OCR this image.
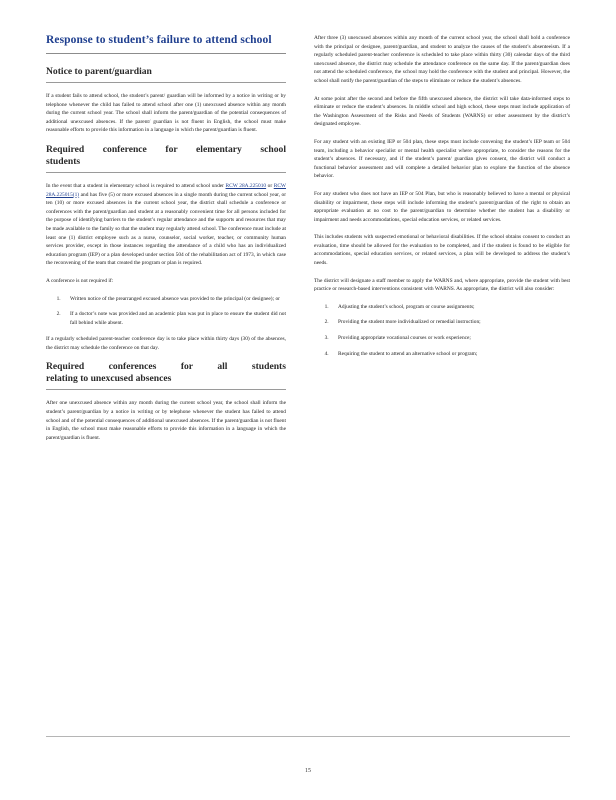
Response to student’s failure to attend school
Notice to parent/guardian

If a student fails to attend school, the student’s parent/ guardian will be informed by a notice in writing or by telephone whenever the child has failed to attend school after one (1) unexcused absence within any month during the current school year. The school shall inform the parent/guardian of the potential consequences of additional unexcused absences. If the parent/ guardian is not fluent in English, the school must make reasonable efforts to provide this information in a language in which the parent/guardian is fluent.

Required conference for elementary school
students

In the event that a student in elementary school is required to attend school under RCW 28A.225010 or RCW 28A.225015(1) and has five (5) or more excused absences in a single month during the current school year, or ten (10) or more excused absences in the current school year, the district shall schedule a conference or conferences with the parent/guardian and student at a reasonably convenient time for all persons included for the purpose of identifying barriers to the student’s regular attendance and the supports and resources that may be made available to the family so that the student may regularly attend school. The conference must include at least one (1) district employee such as a nurse, counselor, social worker, teacher, or community human services provider, except in those instances regarding the attendance of a child who has an individualized education program (IEP) or a plan developed under section 504 of the rehabilitation act of 1973, in which case the reconvening of the team that created the program or plan is required.

A conference is not required if:

1. Written notice of the prearranged excused absence was provided to the principal (or designee); or
2. If a doctor’s note was provided and an academic plan was put in place to ensure the student did not fall behind while absent.

If a regularly scheduled parent-teacher conference day is to take place within thirty days (30) of the absences, the district may schedule the conference on that day.

Required conferences for all students
relating to unexcused absences

After one unexcused absence within any month during the current school year, the school shall inform the student’s parent/guardian by a notice in writing or by telephone whenever the student has failed to attend school and of the potential consequences of additional unexcused absences. If the parent/guardian is not fluent in English, the school must make reasonable efforts to provide this information in a language in which the parent/guardian is fluent.

After three (3) unexcused absences within any month of the current school year, the school shall hold a conference with the principal or designee, parent/guardian, and student to analyze the causes of the student’s absenteeism. If a regularly scheduled parent-teacher conference is scheduled to take place within thirty (30) calendar days of the third unexcused absence, the district may schedule the attendance conference on the same day. If the parent/guardian does not attend the scheduled conference, the school may hold the conference with the student and principal. However, the school shall notify the parent/guardian of the steps to eliminate or reduce the student’s absences.

At some point after the second and before the fifth unexcused absence, the district will take data-informed steps to eliminate or reduce the student’s absences. In middle school and high school, these steps must include application of the Washington Assessment of the Risks and Needs of Students (WARNS) or other assessment by the district’s designated employee.

For any student with an existing IEP or 504 plan, these steps must include convening the student’s IEP team or 504 team, including a behavior specialist or mental health specialist where appropriate, to consider the reasons for the student’s absences. If necessary, and if the student’s parent/ guardian gives consent, the district will conduct a functional behavior assessment and will complete a detailed behavior plan to explore the function of the absence behavior.

For any student who does not have an IEP or 504 Plan, but who is reasonably believed to have a mental or physical disability or impairment, these steps will include informing the student’s parent/guardian of the right to obtain an appropriate evaluation at no cost to the parent/guardian to determine whether the student has a disability or impairment and needs accommodations, special education services, or related services.

This includes students with suspected emotional or behavioral disabilities. If the school obtains consent to conduct an evaluation, time should be allowed for the evaluation to be completed, and if the student is found to be eligible for accommodations, special education services, or related services, a plan will be developed to address the student’s needs.

The district will designate a staff member to apply the WARNS and, where appropriate, provide the student with best practice or research-based interventions consistent with WARNS. As appropriate, the district will also consider:

1. Adjusting the student’s school, program or course assignments;
2. Providing the student more individualized or remedial instruction;
3. Providing appropriate vocational courses or work experience;
4. Requiring the student to attend an alternative school or program;
15
